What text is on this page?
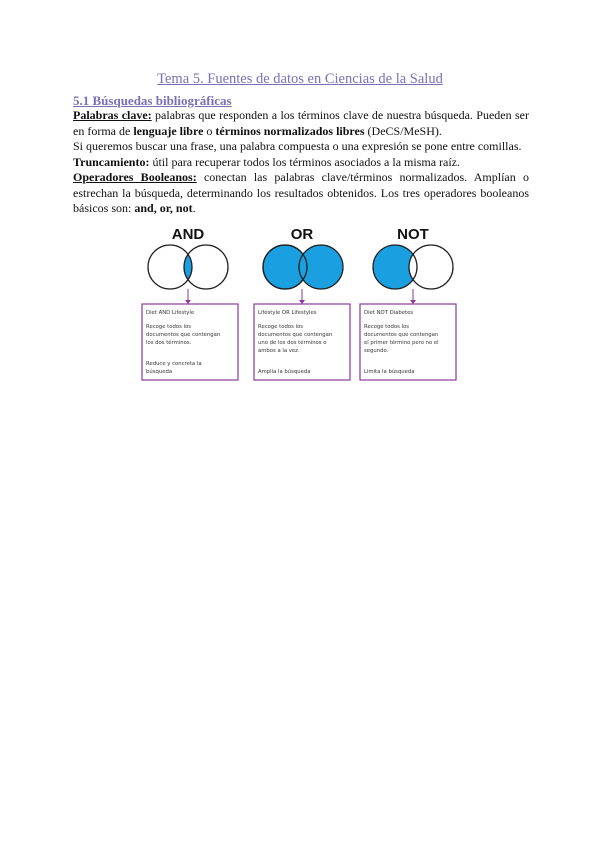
Tema 5. Fuentes de datos en Ciencias de la Salud
5.1 Búsquedas bibliográficas

Palabras clave: palabras que responden a los términos clave de nuestra búsqueda. Pueden ser en forma de lenguaje libre o términos normalizados libres (DeCS/MeSH).

Si queremos buscar una frase, una palabra compuesta o una expresión se pone entre comillas.

Truncamiento: útil para recuperar todos los términos asociados a la misma raíz.

Operadores Booleanos: conectan las palabras clave/términos normalizados. Amplían o estrechan la búsqueda, determinando los resultados obtenidos. Los tres operadores booleanos básicos son: and, or, not.

AND	OR	NOT
Diet AND Lifestyle
Recoge todos los
documentos que contengan
los dos términos.
Reduce y concreta la
búsqueda
Lifestyle OR Lifestyles
Recoge todos los
documentos que contengan
uno de los dos términos o
ambos a la vez.
Amplía la búsqueda
Diet NOT Diabetes
Recoge todos los
documentos que contengan
el primer término pero no el
segundo.
Limita la búsqueda
